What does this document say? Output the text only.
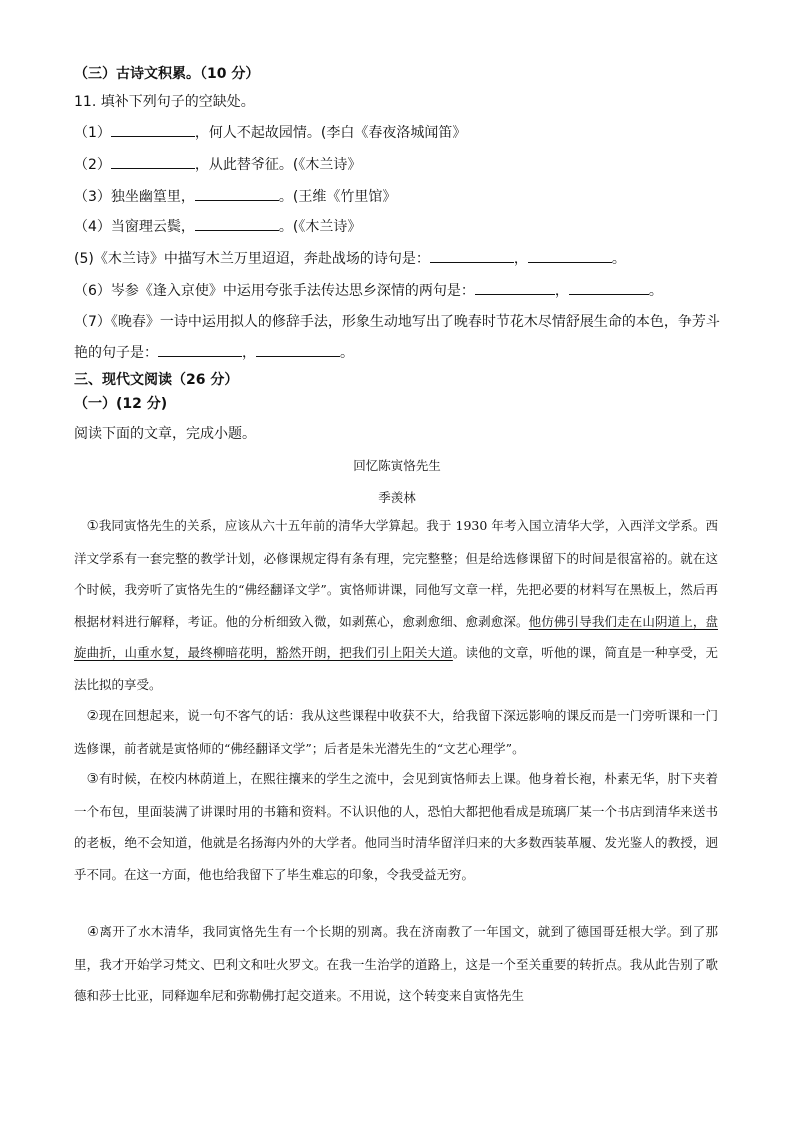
（三）古诗文积累。（10 分）
11. 填补下列句子的空缺处。
（1）	，何人不起故园情。(李白《春夜洛城闻笛》
（2）	，从此替爷征。(《木兰诗》
（3）独坐幽篁里，	。(王维《竹里馆》
（4）当窗理云鬓，	。(《木兰诗》
(5)《木兰诗》中描写木兰万里迢迢，奔赴战场的诗句是：	，	。
（6）岑参《逢入京使》中运用夸张手法传达思乡深情的两句是：	，	。
（7）《晚春》一诗中运用拟人的修辞手法，形象生动地写出了晚春时节花木尽情舒展生命的本色，争芳斗
艳的句子是：	，	。
三、现代文阅读（26 分）
（一）(12 分)
阅读下面的文章，完成小题。
回忆陈寅恪先生
季羡林
　①我同寅恪先生的关系，应该从六十五年前的清华大学算起。我于 1930 年考入国立清华大学，入西洋文学系。西洋文学系有一套完整的教学计划，必修课规定得有条有理，完完整整；但是给选修课留下的时间是很富裕的。就在这个时候，我旁听了寅恪先生的“佛经翻译文学”。寅恪师讲课，同他写文章一样，先把必要的材料写在黑板上，然后再根据材料进行解释，考证。他的分析细致入微，如剥蕉心，愈剥愈细、愈剥愈深。他仿佛引导我们走在山阴道上，盘旋曲折，山重水复，最终柳暗花明，豁然开朗，把我们引上阳关大道。读他的文章，听他的课，简直是一种享受，无法比拟的享受。
　②现在回想起来，说一句不客气的话：我从这些课程中收获不大，给我留下深远影响的课反而是一门旁听课和一门选修课，前者就是寅恪师的“佛经翻译文学”；后者是朱光潜先生的“文艺心理学”。
　③有时候，在校内林荫道上，在熙往攘来的学生之流中，会见到寅恪师去上课。他身着长袍，朴素无华，肘下夹着一个布包，里面装满了讲课时用的书籍和资料。不认识他的人，恐怕大都把他看成是琉璃厂某一个书店到清华来送书的老板，绝不会知道，他就是名扬海内外的大学者。他同当时清华留洋归来的大多数西装革履、发光鉴人的教授，迥乎不同。在这一方面，他也给我留下了毕生难忘的印象，令我受益无穷。
　④离开了水木清华，我同寅恪先生有一个长期的别离。我在济南教了一年国文，就到了德国哥廷根大学。到了那里，我才开始学习梵文、巴利文和吐火罗文。在我一生治学的道路上，这是一个至关重要的转折点。我从此告别了歌德和莎士比亚，同释迦牟尼和弥勒佛打起交道来。不用说，这个转变来自寅恪先生
